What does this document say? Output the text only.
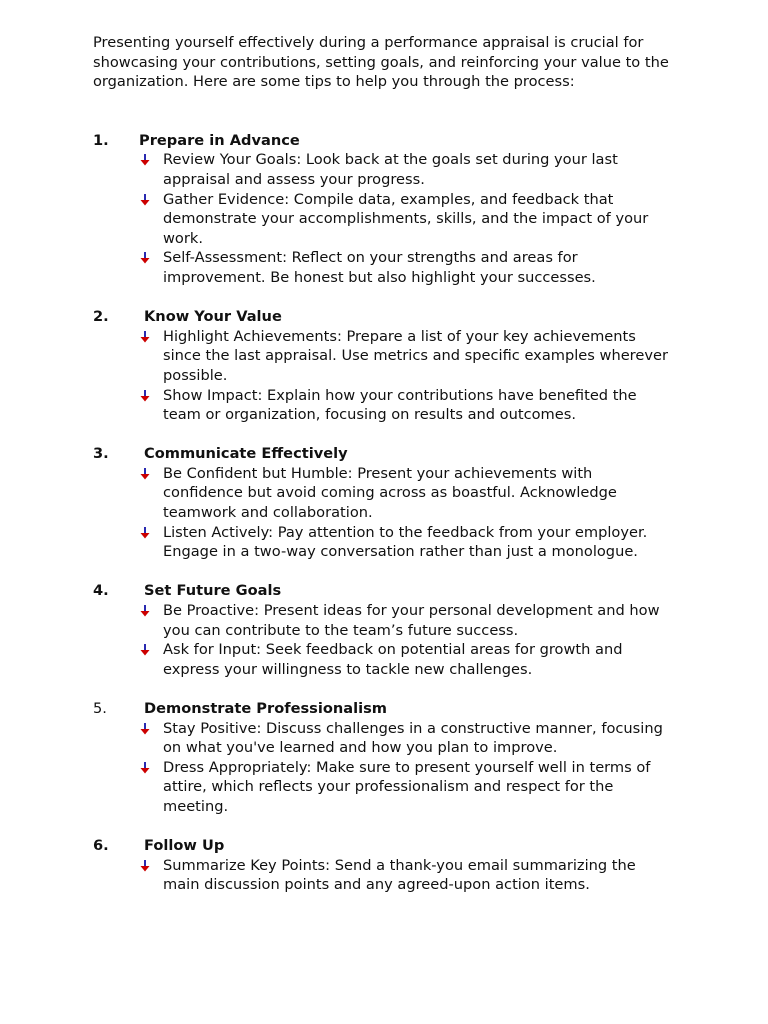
Presenting yourself effectively during a performance appraisal is crucial for showcasing your contributions, setting goals, and reinforcing your value to the organization. Here are some tips to help you through the process:

1. Prepare in Advance
Review Your Goals: Look back at the goals set during your last appraisal and assess your progress.
Gather Evidence: Compile data, examples, and feedback that demonstrate your accomplishments, skills, and the impact of your work.
Self-Assessment: Reflect on your strengths and areas for improvement. Be honest but also highlight your successes.
2. Know Your Value
Highlight Achievements: Prepare a list of your key achievements since the last appraisal. Use metrics and specific examples wherever possible.
Show Impact: Explain how your contributions have benefited the team or organization, focusing on results and outcomes.
3. Communicate Effectively
Be Confident but Humble: Present your achievements with confidence but avoid coming across as boastful. Acknowledge teamwork and collaboration.
Listen Actively: Pay attention to the feedback from your employer. Engage in a two-way conversation rather than just a monologue.
4. Set Future Goals
Be Proactive: Present ideas for your personal development and how you can contribute to the team’s future success.
Ask for Input: Seek feedback on potential areas for growth and express your willingness to tackle new challenges.
5.	Demonstrate Professionalism
Stay Positive: Discuss challenges in a constructive manner, focusing on what you've learned and how you plan to improve.
Dress Appropriately: Make sure to present yourself well in terms of attire, which reflects your professionalism and respect for the meeting.
6. Follow Up
Summarize Key Points: Send a thank-you email summarizing the main discussion points and any agreed-upon action items.
